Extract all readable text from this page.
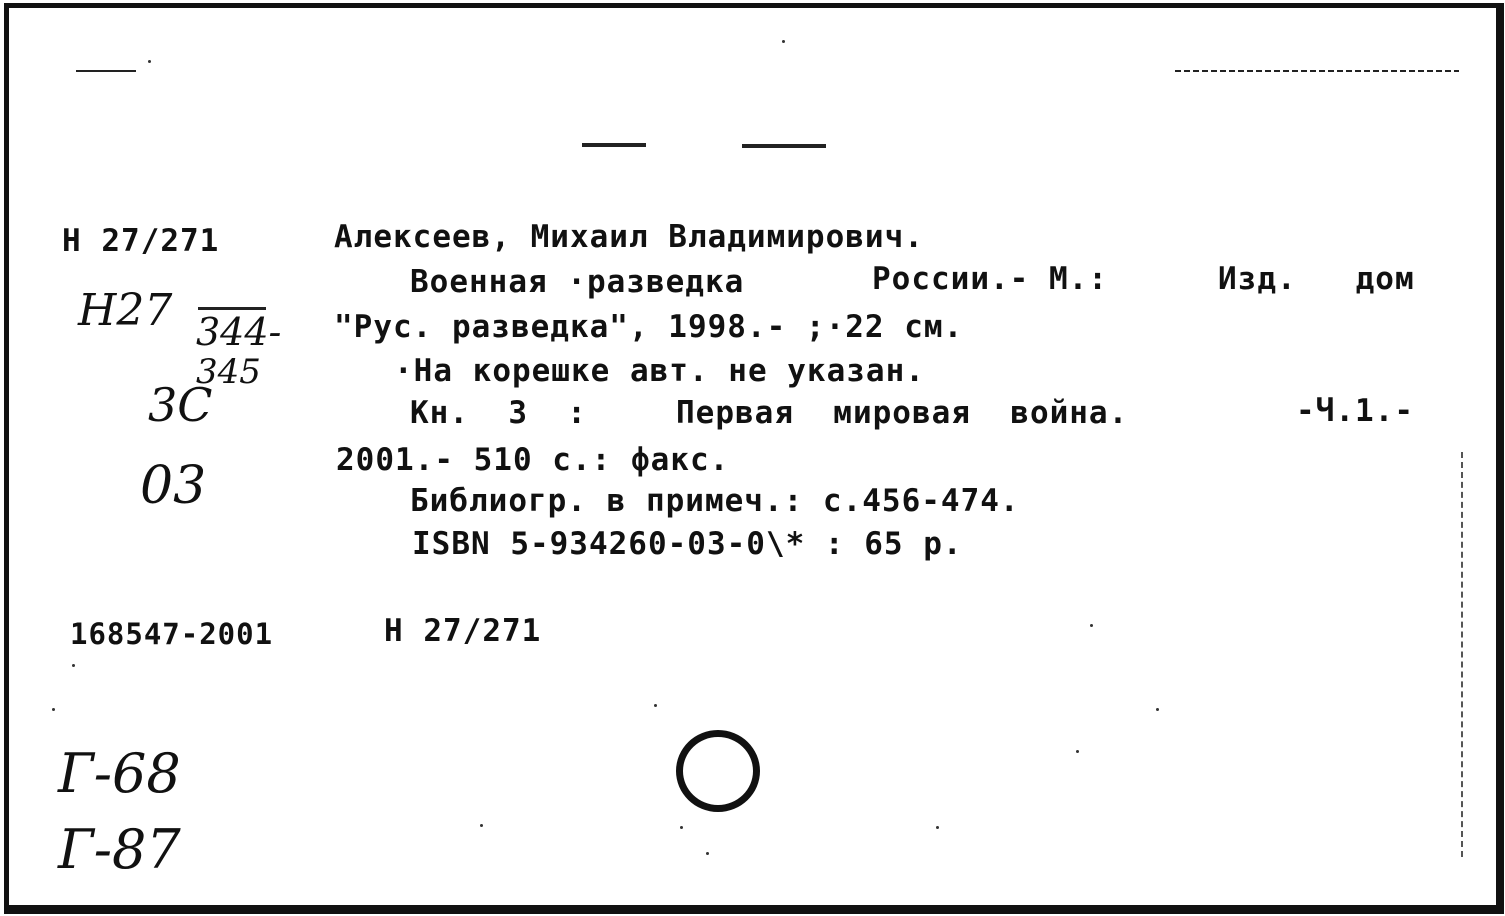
Н 27/271	Алексеев, Михаил Владимирович.
Военная ·разведка	России.- М.:	Изд.   дом
"Рус. разведка", 1998.- ;·22 см.
·На корешке авт. не указан.
Кн.  3  :	Первая  мировая  война.	-Ч.1.-
2001.- 510 с.: факс.
Библиогр. в примеч.: с.456-474.
ISBN 5-934260-03-0\* : 65 р.
168547-2001	Н 27/271
Н27 344-
345
3С
03
Г-68
Г-87
